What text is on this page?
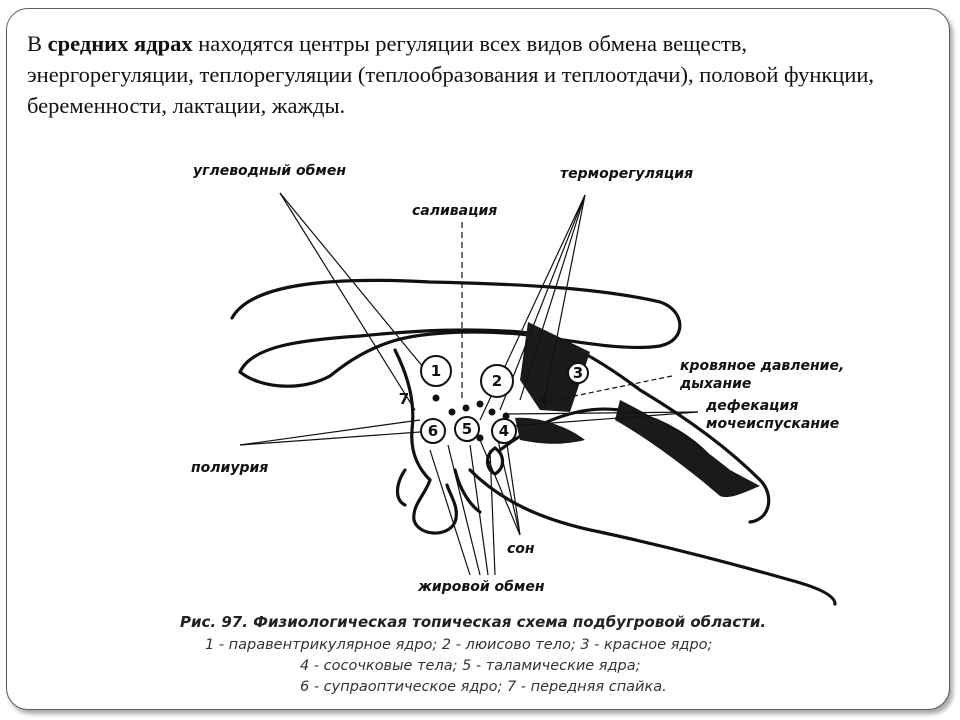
В средних ядрах находятся центры регуляции всех видов обмена веществ, энергорегуляции, теплорегуляции (теплообразования и теплоотдачи), половой функции, беременности, лактации, жажды.
1
2
5
6	4
3
7
углеводный обмен
саливация
терморегуляция
кровяное давление,
дыхание
дефекация
мочеиспускание
полиурия
сон
жировой обмен
Рис. 97. Физиологическая топическая схема подбугровой области.
1 - паравентрикулярное ядро; 2 - люисово тело; 3 - красное ядро;
4 - сосочковые тела; 5 - таламические ядра;
6 - супраоптическое ядро; 7 - передняя спайка.
